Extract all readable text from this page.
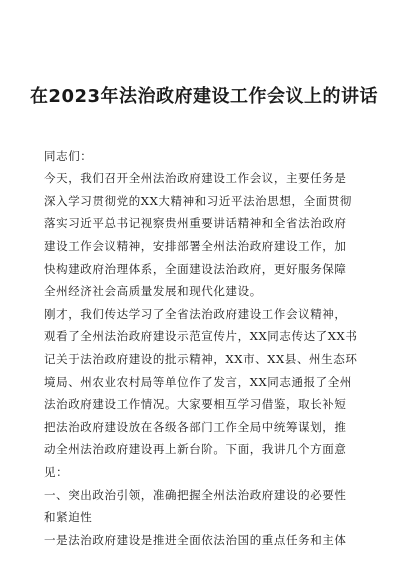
在2023年法治政府建设工作会议上的讲话
同志们：
今天，我们召开全州法治政府建设工作会议，主要任务是
深入学习贯彻党的XX大精神和习近平法治思想，全面贯彻
落实习近平总书记视察贵州重要讲话精神和全省法治政府
建设工作会议精神，安排部署全州法治政府建设工作，加
快构建政府治理体系，全面建设法治政府，更好服务保障
全州经济社会高质量发展和现代化建设。
刚才，我们传达学习了全省法治政府建设工作会议精神，
观看了全州法治政府建设示范宣传片，XX同志传达了XX书
记关于法治政府建设的批示精神，XX市、XX县、州生态环
境局、州农业农村局等单位作了发言，XX同志通报了全州
法治政府建设工作情况。大家要相互学习借鉴，取长补短
把法治政府建设放在各级各部门工作全局中统筹谋划，推
动全州法治政府建设再上新台阶。下面，我讲几个方面意
见：
一、突出政治引领，准确把握全州法治政府建设的必要性
和紧迫性
一是法治政府建设是推进全面依法治国的重点任务和主体
